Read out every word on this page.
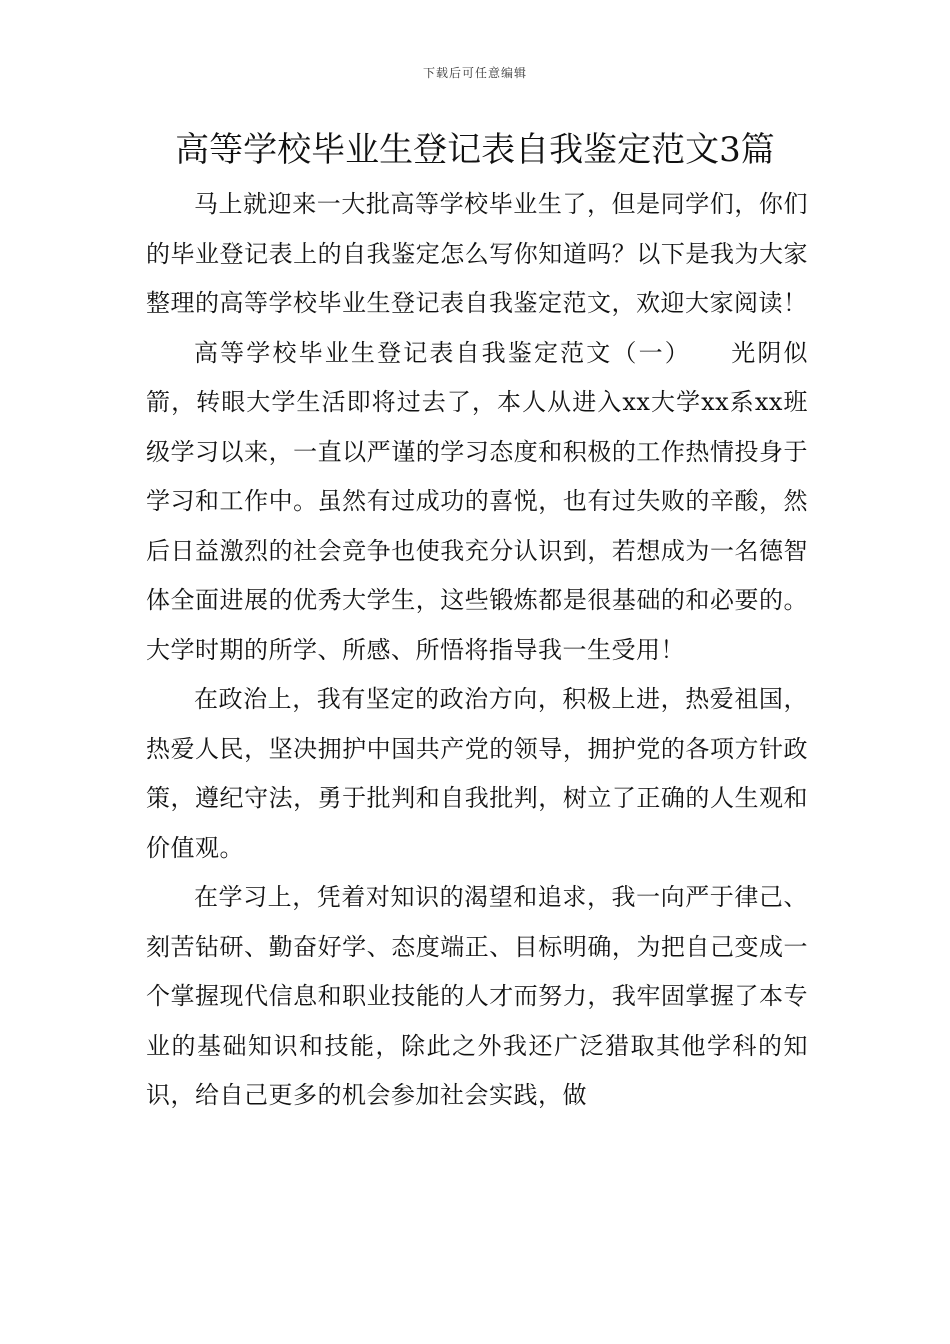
下载后可任意编辑
高等学校毕业生登记表自我鉴定范文3篇

马上就迎来一大批高等学校毕业生了，但是同学们，你们的毕业登记表上的自我鉴定怎么写你知道吗？以下是我为大家整理的高等学校毕业生登记表自我鉴定范文，欢迎大家阅读！

高等学校毕业生登记表自我鉴定范文（一）　　光阴似箭，转眼大学生活即将过去了，本人从进入xx大学xx系xx班级学习以来，一直以严谨的学习态度和积极的工作热情投身于学习和工作中。虽然有过成功的喜悦，也有过失败的辛酸，然后日益激烈的社会竞争也使我充分认识到，若想成为一名德智体全面进展的优秀大学生，这些锻炼都是很基础的和必要的。大学时期的所学、所感、所悟将指导我一生受用！

在政治上，我有坚定的政治方向，积极上进，热爱祖国，热爱人民，坚决拥护中国共产党的领导，拥护党的各项方针政策，遵纪守法，勇于批判和自我批判，树立了正确的人生观和价值观。

在学习上，凭着对知识的渴望和追求，我一向严于律己、刻苦钻研、勤奋好学、态度端正、目标明确，为把自己变成一个掌握现代信息和职业技能的人才而努力，我牢固掌握了本专业的基础知识和技能，除此之外我还广泛猎取其他学科的知识，给自己更多的机会参加社会实践，做
